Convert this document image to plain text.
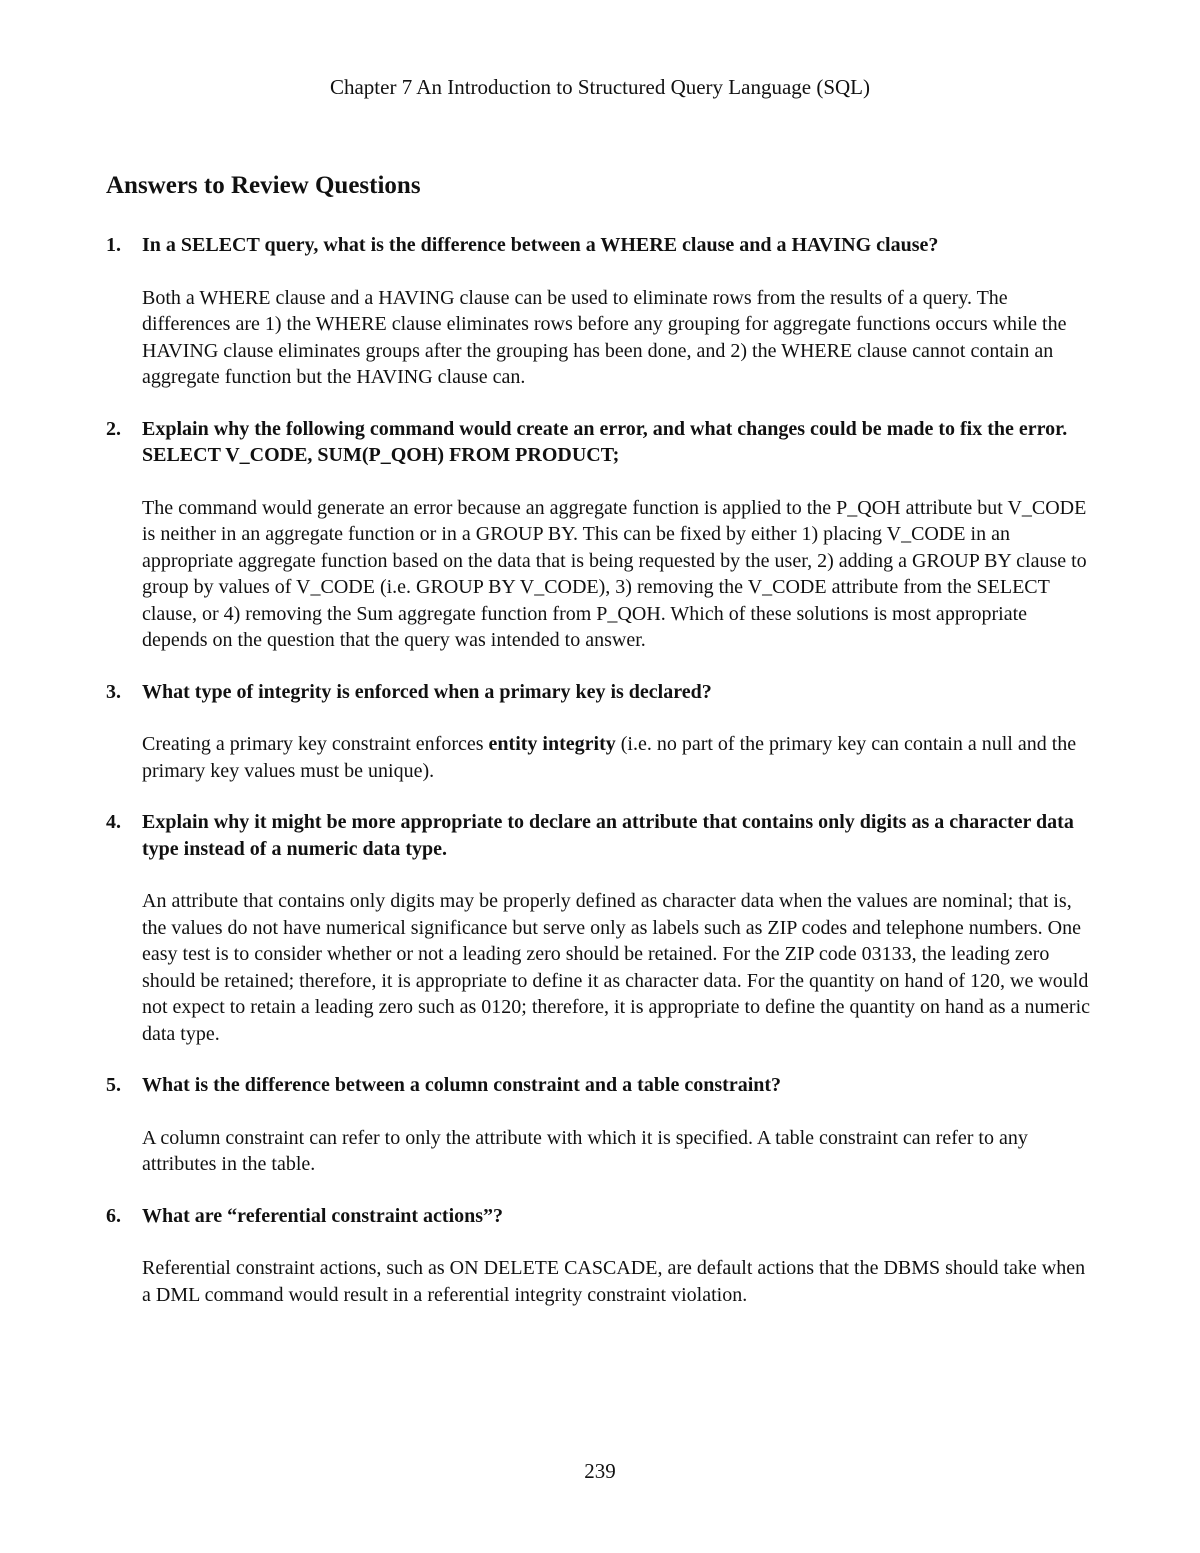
Chapter 7 An Introduction to Structured Query Language (SQL)
Answers to Review Questions
1.	In a SELECT query, what is the difference between a WHERE clause and a HAVING clause?

Both a WHERE clause and a HAVING clause can be used to eliminate rows from the results of a query. The differences are 1) the WHERE clause eliminates rows before any grouping for aggregate functions occurs while the HAVING clause eliminates groups after the grouping has been done, and 2) the WHERE clause cannot contain an aggregate function but the HAVING clause can.

2.	Explain why the following command would create an error, and what changes could be made to fix the error.
SELECT V_CODE, SUM(P_QOH) FROM PRODUCT;

The command would generate an error because an aggregate function is applied to the P_QOH attribute but V_CODE is neither in an aggregate function or in a GROUP BY. This can be fixed by either 1) placing V_CODE in an appropriate aggregate function based on the data that is being requested by the user, 2) adding a GROUP BY clause to group by values of V_CODE (i.e. GROUP BY V_CODE), 3) removing the V_CODE attribute from the SELECT clause, or 4) removing the Sum aggregate function from P_QOH. Which of these solutions is most appropriate depends on the question that the query was intended to answer.

3.	What type of integrity is enforced when a primary key is declared?

Creating a primary key constraint enforces entity integrity (i.e. no part of the primary key can contain a null and the primary key values must be unique).

4.	Explain why it might be more appropriate to declare an attribute that contains only digits as a character data type instead of a numeric data type.

An attribute that contains only digits may be properly defined as character data when the values are nominal; that is, the values do not have numerical significance but serve only as labels such as ZIP codes and telephone numbers. One easy test is to consider whether or not a leading zero should be retained. For the ZIP code 03133, the leading zero should be retained; therefore, it is appropriate to define it as character data. For the quantity on hand of 120, we would not expect to retain a leading zero such as 0120; therefore, it is appropriate to define the quantity on hand as a numeric data type.

5.	What is the difference between a column constraint and a table constraint?

A column constraint can refer to only the attribute with which it is specified. A table constraint can refer to any attributes in the table.

6.	What are “referential constraint actions”?

Referential constraint actions, such as ON DELETE CASCADE, are default actions that the DBMS should take when a DML command would result in a referential integrity constraint violation.

239
